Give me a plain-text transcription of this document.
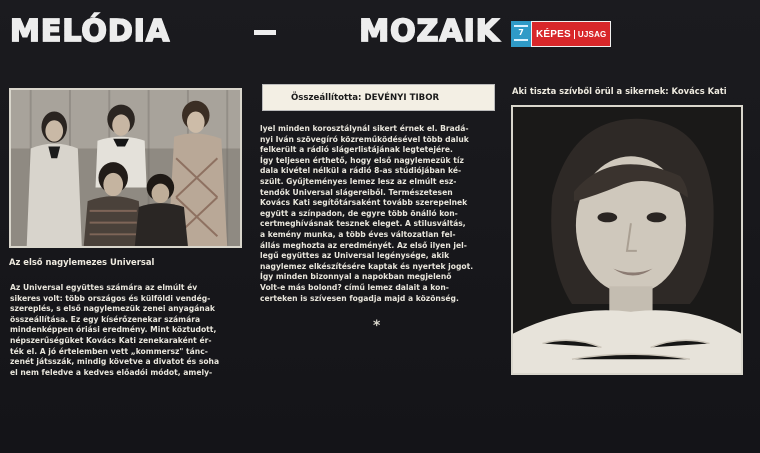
MELÓDIA	MOZAIK 7 KÉPES UJSAG
Az első nagylemezes Universal
Összeállította: DEVÉNYI TIBOR
Aki tiszta szívből örül a sikernek: Kovács Kati
Az Universal együttes számára az elmúlt év
sikeres volt: több országos és külföldi vendég-
szereplés, s első nagylemezük zenei anyagának
összeállítása. Ez egy kísérőzenekar számára
mindenképpen óriási eredmény. Mint köztudott,
népszerűségüket Kovács Kati zenekaraként ér-
ték el. A jó értelemben vett „kommersz" tánc-
zenét játsszák, mindig követve a divatot és soha
el nem feledve a kedves előadói módot, amely-
lyel minden korosztálynál sikert érnek el. Bradá-
nyi Iván szövegíró közreműködésével több daluk
felkerült a rádió slágerlistájának legtetejére.
Így teljesen érthető, hogy első nagylemezük tíz
dala kivétel nélkül a rádió 8-as stúdiójában ké-
szült. Gyűjteményes lemez lesz az elmúlt esz-
tendők Universal slágereiből. Természetesen
Kovács Kati segítőtársaként tovább szerepelnek
együtt a színpadon, de egyre több önálló kon-
certmeghívásnak tesznek eleget. A stilusváltás,
a kemény munka, a több éves változatlan fel-
állás meghozta az eredményét. Az első ilyen jel-
legű együttes az Universal legénysége, akik
nagylemez elkészítésére kaptak és nyertek jogot.
Így minden bizonnyal a napokban megjelenő
Volt-e más bolond? című lemez dalait a kon-
certeken is szívesen fogadja majd a közönség.
*
